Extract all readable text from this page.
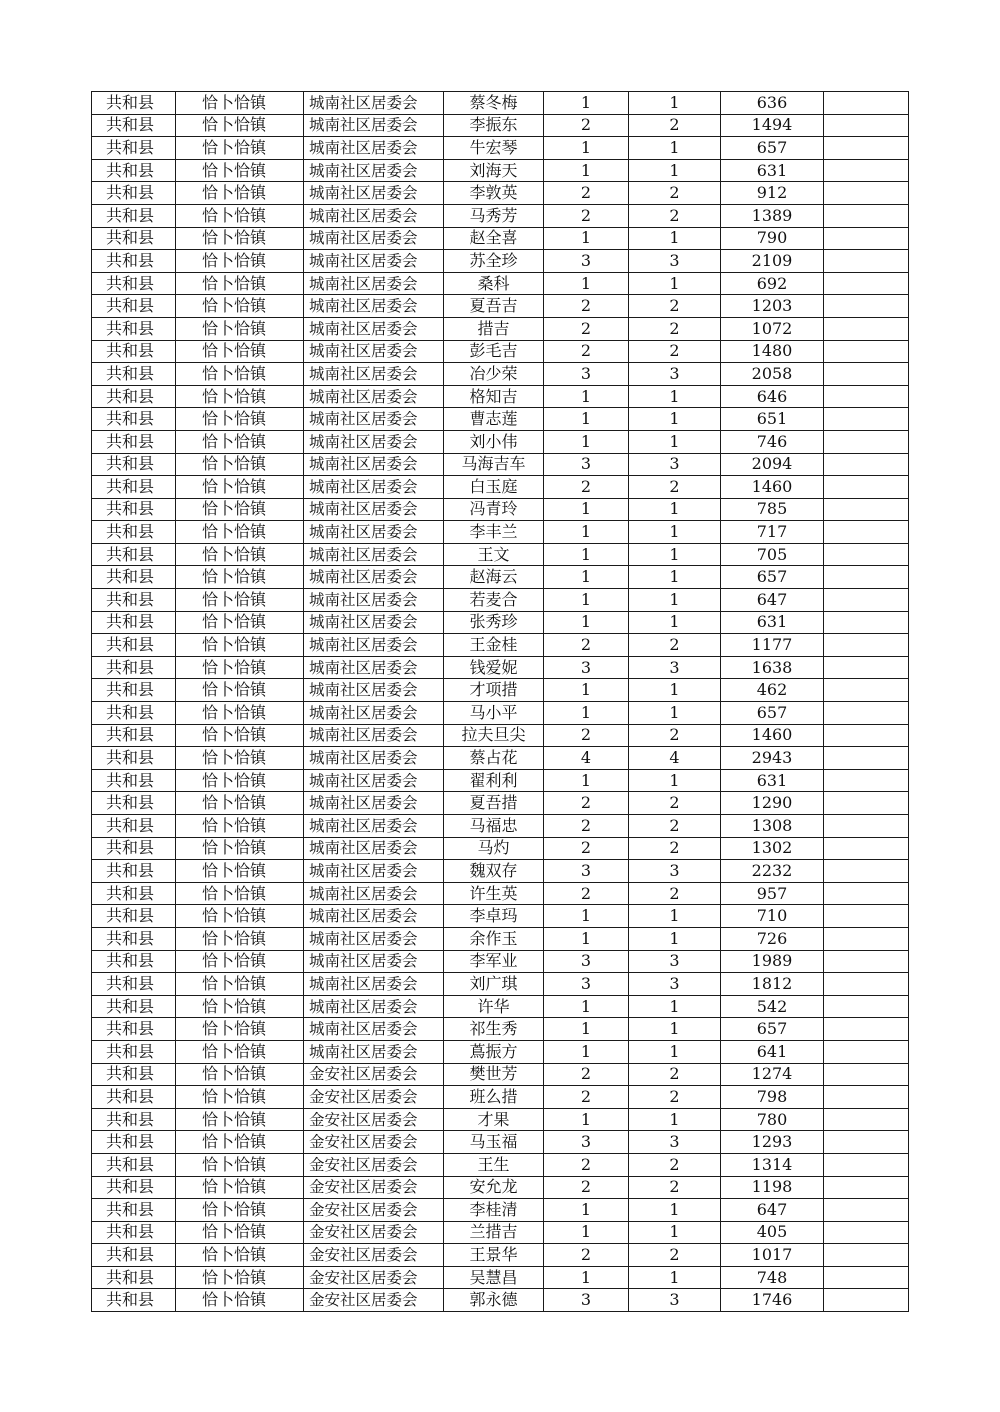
共和县	恰卜恰镇	城南社区居委会	蔡冬梅	1	1	636	
共和县	恰卜恰镇	城南社区居委会	李振东	2	2	1494	
共和县	恰卜恰镇	城南社区居委会	牛宏琴	1	1	657	
共和县	恰卜恰镇	城南社区居委会	刘海天	1	1	631	
共和县	恰卜恰镇	城南社区居委会	李敦英	2	2	912	
共和县	恰卜恰镇	城南社区居委会	马秀芳	2	2	1389	
共和县	恰卜恰镇	城南社区居委会	赵全喜	1	1	790	
共和县	恰卜恰镇	城南社区居委会	苏全珍	3	3	2109	
共和县	恰卜恰镇	城南社区居委会	桑科	1	1	692	
共和县	恰卜恰镇	城南社区居委会	夏吾吉	2	2	1203	
共和县	恰卜恰镇	城南社区居委会	措吉	2	2	1072	
共和县	恰卜恰镇	城南社区居委会	彭毛吉	2	2	1480	
共和县	恰卜恰镇	城南社区居委会	冶少荣	3	3	2058	
共和县	恰卜恰镇	城南社区居委会	格知吉	1	1	646	
共和县	恰卜恰镇	城南社区居委会	曹志莲	1	1	651	
共和县	恰卜恰镇	城南社区居委会	刘小伟	1	1	746	
共和县	恰卜恰镇	城南社区居委会	马海吉车	3	3	2094	
共和县	恰卜恰镇	城南社区居委会	白玉庭	2	2	1460	
共和县	恰卜恰镇	城南社区居委会	冯青玲	1	1	785	
共和县	恰卜恰镇	城南社区居委会	李丰兰	1	1	717	
共和县	恰卜恰镇	城南社区居委会	王文	1	1	705	
共和县	恰卜恰镇	城南社区居委会	赵海云	1	1	657	
共和县	恰卜恰镇	城南社区居委会	若麦合	1	1	647	
共和县	恰卜恰镇	城南社区居委会	张秀珍	1	1	631	
共和县	恰卜恰镇	城南社区居委会	王金桂	2	2	1177	
共和县	恰卜恰镇	城南社区居委会	钱爱妮	3	3	1638	
共和县	恰卜恰镇	城南社区居委会	才项措	1	1	462	
共和县	恰卜恰镇	城南社区居委会	马小平	1	1	657	
共和县	恰卜恰镇	城南社区居委会	拉夫旦尖	2	2	1460	
共和县	恰卜恰镇	城南社区居委会	蔡占花	4	4	2943	
共和县	恰卜恰镇	城南社区居委会	翟利利	1	1	631	
共和县	恰卜恰镇	城南社区居委会	夏吾措	2	2	1290	
共和县	恰卜恰镇	城南社区居委会	马福忠	2	2	1308	
共和县	恰卜恰镇	城南社区居委会	马灼	2	2	1302	
共和县	恰卜恰镇	城南社区居委会	魏双存	3	3	2232	
共和县	恰卜恰镇	城南社区居委会	许生英	2	2	957	
共和县	恰卜恰镇	城南社区居委会	李卓玛	1	1	710	
共和县	恰卜恰镇	城南社区居委会	余作玉	1	1	726	
共和县	恰卜恰镇	城南社区居委会	李军业	3	3	1989	
共和县	恰卜恰镇	城南社区居委会	刘广琪	3	3	1812	
共和县	恰卜恰镇	城南社区居委会	许华	1	1	542	
共和县	恰卜恰镇	城南社区居委会	祁生秀	1	1	657	
共和县	恰卜恰镇	城南社区居委会	蔦振方	1	1	641	
共和县	恰卜恰镇	金安社区居委会	樊世芳	2	2	1274	
共和县	恰卜恰镇	金安社区居委会	班么措	2	2	798	
共和县	恰卜恰镇	金安社区居委会	才果	1	1	780	
共和县	恰卜恰镇	金安社区居委会	马玉福	3	3	1293	
共和县	恰卜恰镇	金安社区居委会	王生	2	2	1314	
共和县	恰卜恰镇	金安社区居委会	安允龙	2	2	1198	
共和县	恰卜恰镇	金安社区居委会	李桂清	1	1	647	
共和县	恰卜恰镇	金安社区居委会	兰措吉	1	1	405	
共和县	恰卜恰镇	金安社区居委会	王景华	2	2	1017	
共和县	恰卜恰镇	金安社区居委会	吴慧昌	1	1	748	
共和县	恰卜恰镇	金安社区居委会	郭永德	3	3	1746	
